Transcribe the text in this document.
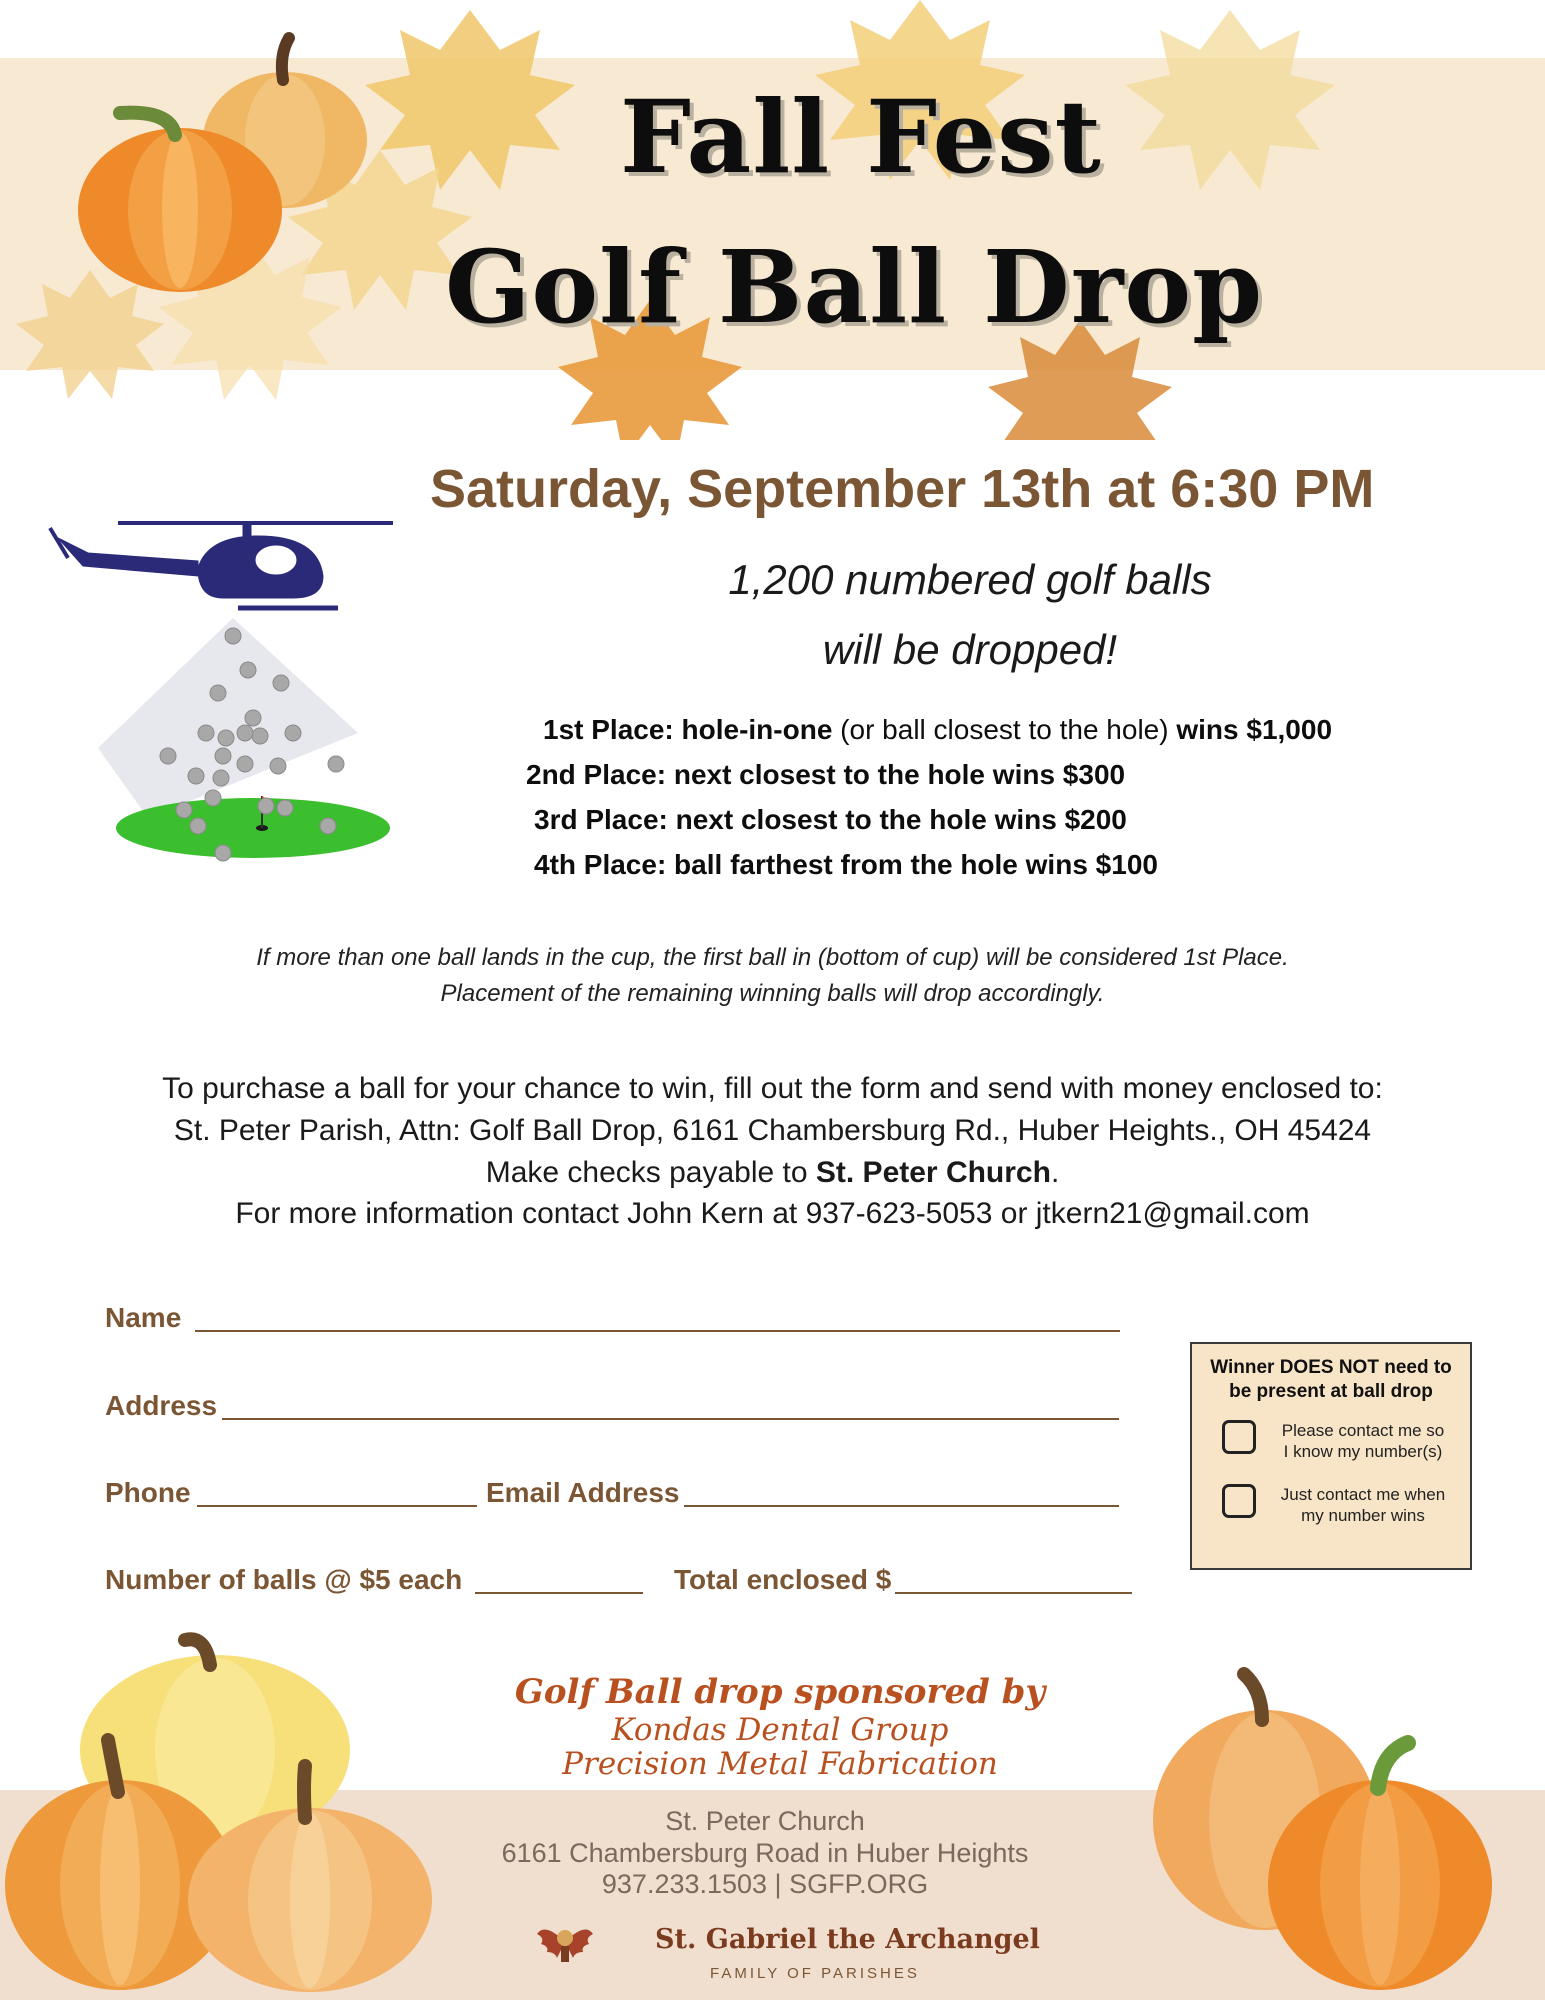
Fall Fest
Golf Ball Drop
Saturday, September 13th at 6:30 PM
1,200 numbered golf balls
will be dropped!
1st Place: hole-in-one (or ball closest to the hole) wins $1,000
2nd Place: next closest to the hole wins $300
3rd Place: next closest to the hole wins $200
4th Place: ball farthest from the hole wins $100
If more than one ball lands in the cup, the first ball in (bottom of cup) will be considered 1st Place.
Placement of the remaining winning balls will drop accordingly.
To purchase a ball for your chance to win, fill out the form and send with money enclosed to:
St. Peter Parish, Attn: Golf Ball Drop, 6161 Chambersburg Rd., Huber Heights., OH 45424
Make checks payable to St. Peter Church.
For more information contact John Kern at 937-623-5053 or jtkern21@gmail.com
Name
Address
Phone	Email Address
Number of balls @ $5 each	Total enclosed $
Winner DOES NOT need to
be present at ball drop
Please contact me so
I know my number(s)
Just contact me when
my number wins
Golf Ball drop sponsored by
Kondas Dental Group
Precision Metal Fabrication
St. Peter Church
6161 Chambersburg Road in Huber Heights
937.233.1503 | SGFP.ORG
St. Gabriel the Archangel
FAMILY OF PARISHES
